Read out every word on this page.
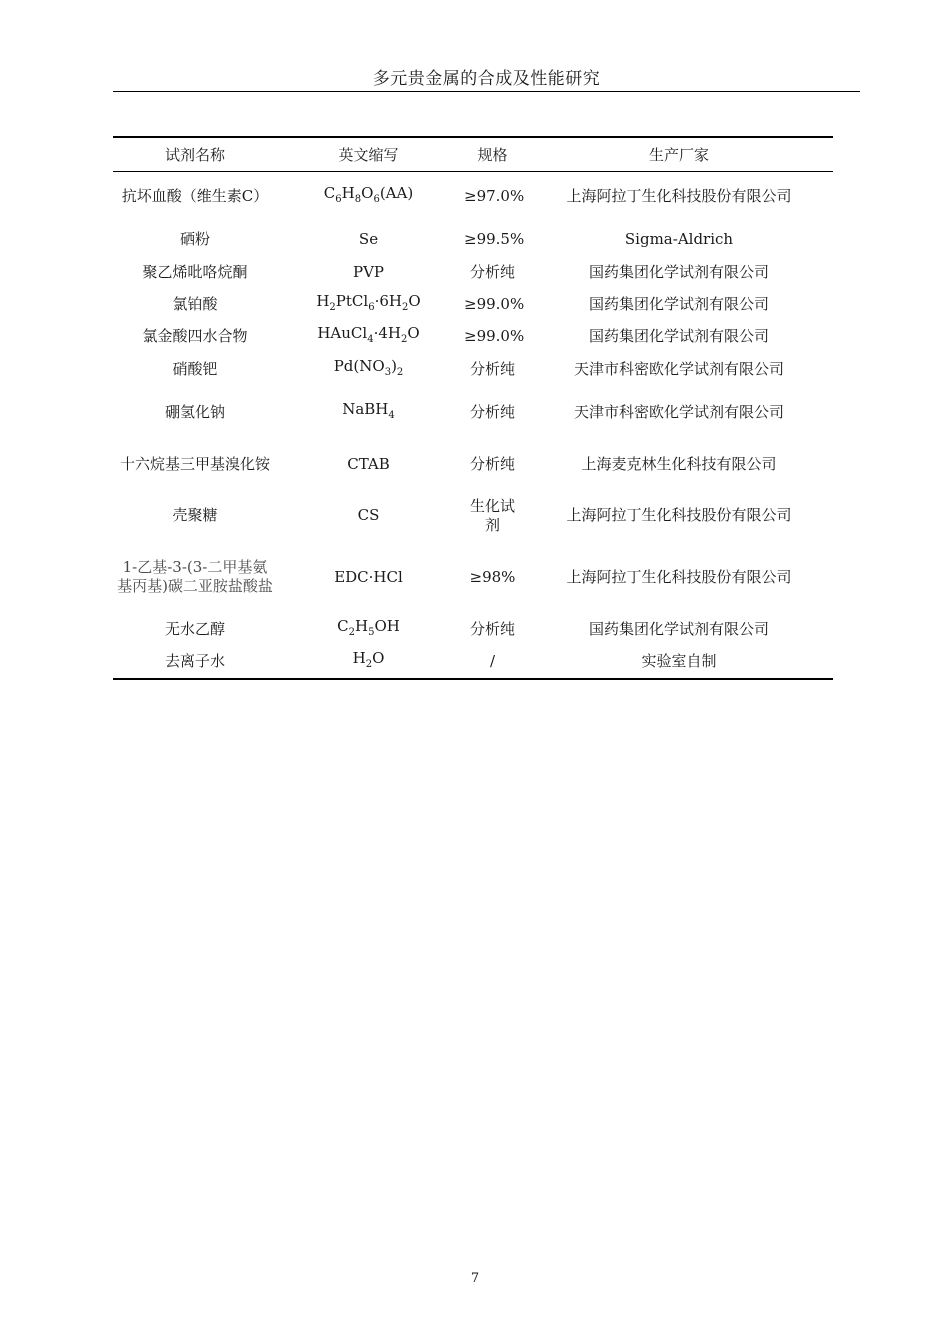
多元贵金属的合成及性能研究
试剂名称	英文缩写	规格	生产厂家
抗坏血酸（维生素C）	$C_6H_8O_6(AA)$	≥97.0%	上海阿拉丁生化科技股份有限公司
硒粉	Se	≥99.5%	Sigma-Aldrich
聚乙烯吡咯烷酮	PVP	分析纯	国药集团化学试剂有限公司
氯铂酸	$H_2PtCl_6\cdot 6H_2O$	≥99.0%	国药集团化学试剂有限公司
氯金酸四水合物	$HAuCl_4\cdot 4H_2O$	≥99.0%	国药集团化学试剂有限公司
硝酸钯	$Pd(NO_3)_2$	分析纯	天津市科密欧化学试剂有限公司
硼氢化钠	NaBH$_4$	分析纯	天津市科密欧化学试剂有限公司
十六烷基三甲基溴化铵	CTAB	分析纯	上海麦克林生化科技有限公司
壳聚糖	CS	生化试剂	上海阿拉丁生化科技股份有限公司
1-乙基-3-(3-二甲基氨基丙基)碳二亚胺盐酸盐	EDC·HCl	≥98%	上海阿拉丁生化科技股份有限公司
无水乙醇	$C_2H_5OH$	分析纯	国药集团化学试剂有限公司
去离子水	$H_2O$	/	实验室自制
7
